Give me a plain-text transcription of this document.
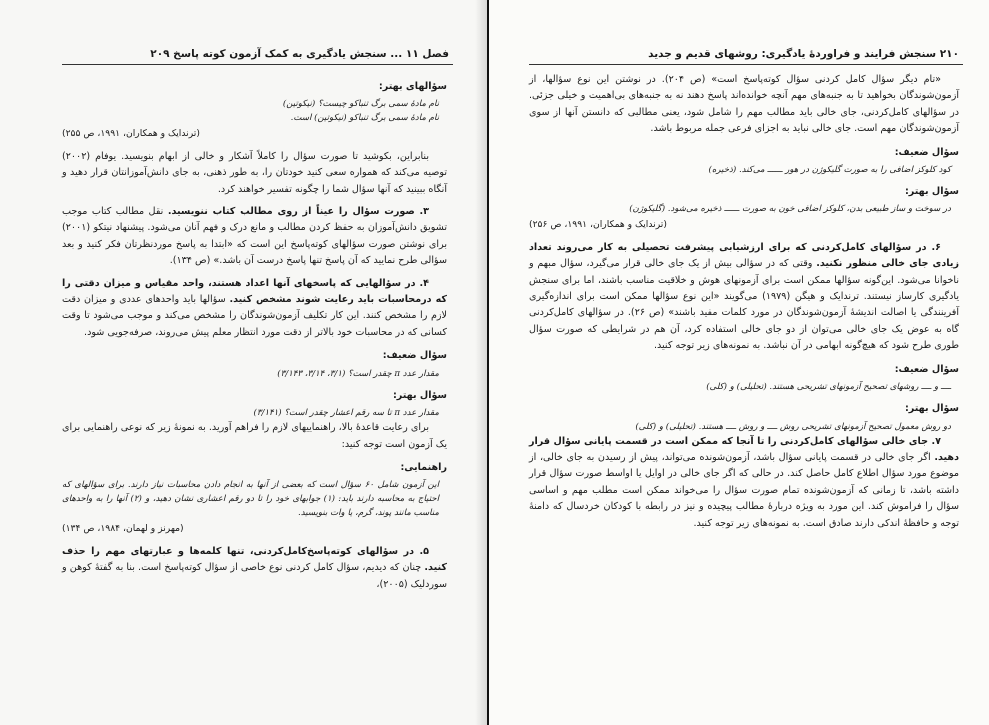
فصل ۱۱ ... سنجش یادگیری به کمک آزمون کوته پاسخ ۲۰۹
سؤالهای بهتر:
نام مادهٔ سمی برگ تنباکو چیست؟ (نیکوتین)
نام مادهٔ سمی برگ تنباکو (نیکوتین) است.
(ترندایک و همکاران، ۱۹۹۱، ص ۲۵۵)
بنابراین، بکوشید تا صورت سؤال را کاملاً آشکار و خالی از ابهام بنویسید. یوفام (۲۰۰۲) توصیه می‌کند که همواره سعی کنید خودتان را، به طور ذهنی، به جای دانش‌آموزانتان قرار دهید و آنگاه ببینید که آنها سؤال شما را چگونه تفسیر خواهند کرد.
۳. صورت سؤال را عیناً از روی مطالب کتاب ننویسید. نقل مطالب کتاب موجب تشویق دانش‌آموزان به حفظ کردن مطالب و مانع درک و فهم آنان می‌شود. پیشنهاد نیتکو (۲۰۰۱) برای نوشتن صورت سؤالهای کوته‌پاسخ این است که «ابتدا به پاسخ موردنظرتان فکر کنید و بعد سؤالی طرح نمایید که آن پاسخ تنها پاسخ درست آن باشد.» (ص ۱۳۴).
۴. در سؤالهایی که پاسخهای آنها اعداد هستند، واحد مقیاس و میزان دقتی را که درمحاسبات باید رعایت شوند مشخص کنید. سؤالها باید واحدهای عددی و میزان دقت لازم را مشخص کنند. این کار تکلیف آزمون‌شوندگان را مشخص می‌کند و موجب می‌شود تا وقت کسانی که در محاسبات خود بالاتر از دقت مورد انتظار معلم پیش می‌روند، صرفه‌جویی شود.
سؤال ضعیف:
مقدار عدد π چقدر است؟ (۳/۱، ۳/۱۴، ۳/۱۴۳)
سؤال بهتر:
مقدار عدد π تا سه رقم اعشار چقدر است؟ (۳/۱۴۱)
برای رعایت قاعدهٔ بالا، راهنماییهای لازم را فراهم آورید. به نمونهٔ زیر که نوعی راهنمایی برای یک آزمون است توجه کنید:
راهنمایی:
این آزمون شامل ۶۰ سؤال است که بعضی از آنها به انجام دادن محاسبات نیاز دارند. برای سؤالهای که احتیاج به محاسبه دارند باید: (۱) جوابهای خود را تا دو رقم اعشاری نشان دهید، و (۲) آنها را به واحدهای مناسب مانند پوند، گرم، یا وات بنویسید.
(مهرنز و لهمان، ۱۹۸۴، ص ۱۳۴)
۵. در سؤالهای کوته‌پاسخ‌کامل‌کردنی، تنها کلمه‌ها و عبارتهای مهم را حذف کنید. چنان که دیدیم، سؤال کامل کردنی نوع خاصی از سؤال کوته‌پاسخ است. بنا به گفتهٔ کوهن و سوردلیک (۲۰۰۵)،
۲۱۰ سنجش فرایند و فراوردهٔ یادگیری: روشهای قدیم و جدید
«تام دیگر سؤال کامل کردنی سؤال کوته‌پاسخ است» (ص ۲۰۴). در نوشتن این نوع سؤالها، از آزمون‌شوندگان بخواهید تا به جنبه‌های مهم آنچه خوانده‌اند پاسخ دهند نه به جنبه‌های بی‌اهمیت و خیلی جزئی. در سؤالهای کامل‌کردنی، جای خالی باید مطالب مهم را شامل شود، یعنی مطالبی که دانستن آنها از سوی آزمون‌شوندگان مهم است. جای خالی نباید به اجزای فرعی جمله مربوط باشد.
سؤال ضعیف:
کود کلوکز اضافی را به صورت گلیکوژن در هور ــــــ می‌کند. (ذخیره)
سؤال بهتر:
در سوخت و ساز طبیعی بدن، کلوکز اضافی خون به صورت ــــــ ذخیره می‌شود. (گلیکوژن)
(ترندایک و همکاران، ۱۹۹۱، ص ۲۵۶)
۶. در سؤالهای کامل‌کردنی که برای ارزشیابی پیشرفت تحصیلی به کار می‌روند تعداد زیادی جای خالی منظور نکنید. وقتی که در سؤالی بیش از یک جای خالی قرار می‌گیرد، سؤال مبهم و ناخوانا می‌شود. این‌گونه سؤالها ممکن است برای آزمونهای هوش و خلاقیت مناسب باشند، اما برای سنجش یادگیری کارساز نیستند. ترندایک و هیگن (۱۹۷۹) می‌گویند «این نوع سؤالها ممکن است برای اندازه‌گیری آفرینندگی یا اصالت اندیشهٔ آزمون‌شوندگان در مورد کلمات مفید باشند» (ص ۲۶). در سؤالهای کامل‌کردنی گاه به عوض یک جای خالی می‌توان از دو جای خالی استفاده کرد، آن هم در شرایطی که صورت سؤال طوری طرح شود که هیچ‌گونه ابهامی در آن نباشد. به نمونه‌های زیر توجه کنید.
سؤال ضعیف:
ــــ و ــــ روشهای تصحیح آزمونهای تشریحی هستند. (تحلیلی) و (کلی)
سؤال بهتر:
دو روش معمول تصحیح آزمونهای تشریحی روش ــــ و روش ــــ هستند. (تحلیلی) و (کلی)
۷. جای خالی سؤالهای کامل‌کردنی را تا آنجا که ممکن است در قسمت پایانی سؤال قرار دهید. اگر جای خالی در قسمت پایانی سؤال باشد، آزمون‌شونده می‌تواند، پیش از رسیدن به جای خالی، از موضوع مورد سؤال اطلاع کامل حاصل کند. در حالی که اگر جای خالی در اوایل یا اواسط صورت سؤال قرار داشته باشد، تا زمانی که آزمون‌شونده تمام صورت سؤال را می‌خواند ممکن است مطلب مهم و اساسی سؤال را فراموش کند. این مورد به ویژه دربارهٔ مطالب پیچیده و نیز در رابطه با کودکان خردسال که دامنهٔ توجه و حافظهٔ اندکی دارند صادق است. به نمونه‌های زیر توجه کنید.
